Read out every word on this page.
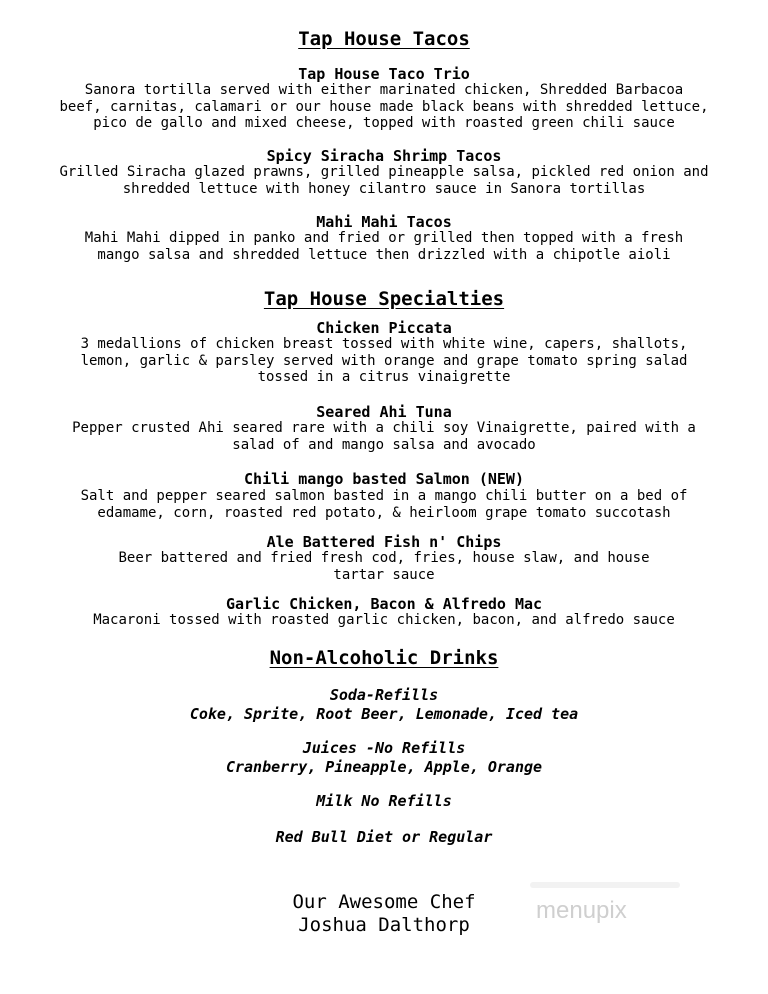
Tap House Tacos
Tap House Taco Trio
Sanora tortilla served with either marinated chicken, Shredded Barbacoa
beef, carnitas, calamari or our house made black beans with shredded lettuce,
pico de gallo and mixed cheese, topped with roasted green chili sauce
Spicy Siracha Shrimp Tacos
Grilled Siracha glazed prawns, grilled pineapple salsa, pickled red onion and
shredded lettuce with honey cilantro sauce in Sanora tortillas
Mahi Mahi Tacos
Mahi Mahi dipped in panko and fried or grilled then topped with a fresh
mango salsa and shredded lettuce then drizzled with a chipotle aioli
Tap House Specialties
Chicken Piccata
3 medallions of chicken breast tossed with white wine, capers, shallots,
lemon, garlic & parsley served with orange and grape tomato spring salad
tossed in a citrus vinaigrette
Seared Ahi Tuna
Pepper crusted Ahi seared rare with a chili soy Vinaigrette, paired with a
salad of and mango salsa and avocado
Chili mango basted Salmon (NEW)
Salt and pepper seared salmon basted in a mango chili butter on a bed of
edamame, corn, roasted red potato, & heirloom grape tomato succotash
Ale Battered Fish n' Chips
Beer battered and fried fresh cod, fries, house slaw, and house
tartar sauce
Garlic Chicken, Bacon & Alfredo Mac
Macaroni tossed with roasted garlic chicken, bacon, and alfredo sauce
Non-Alcoholic Drinks
Soda-Refills
Coke, Sprite, Root Beer, Lemonade, Iced tea
Juices -No Refills
Cranberry, Pineapple, Apple, Orange
Milk No Refills
Red Bull Diet or Regular
Our Awesome Chef
Joshua Dalthorp
menupix
